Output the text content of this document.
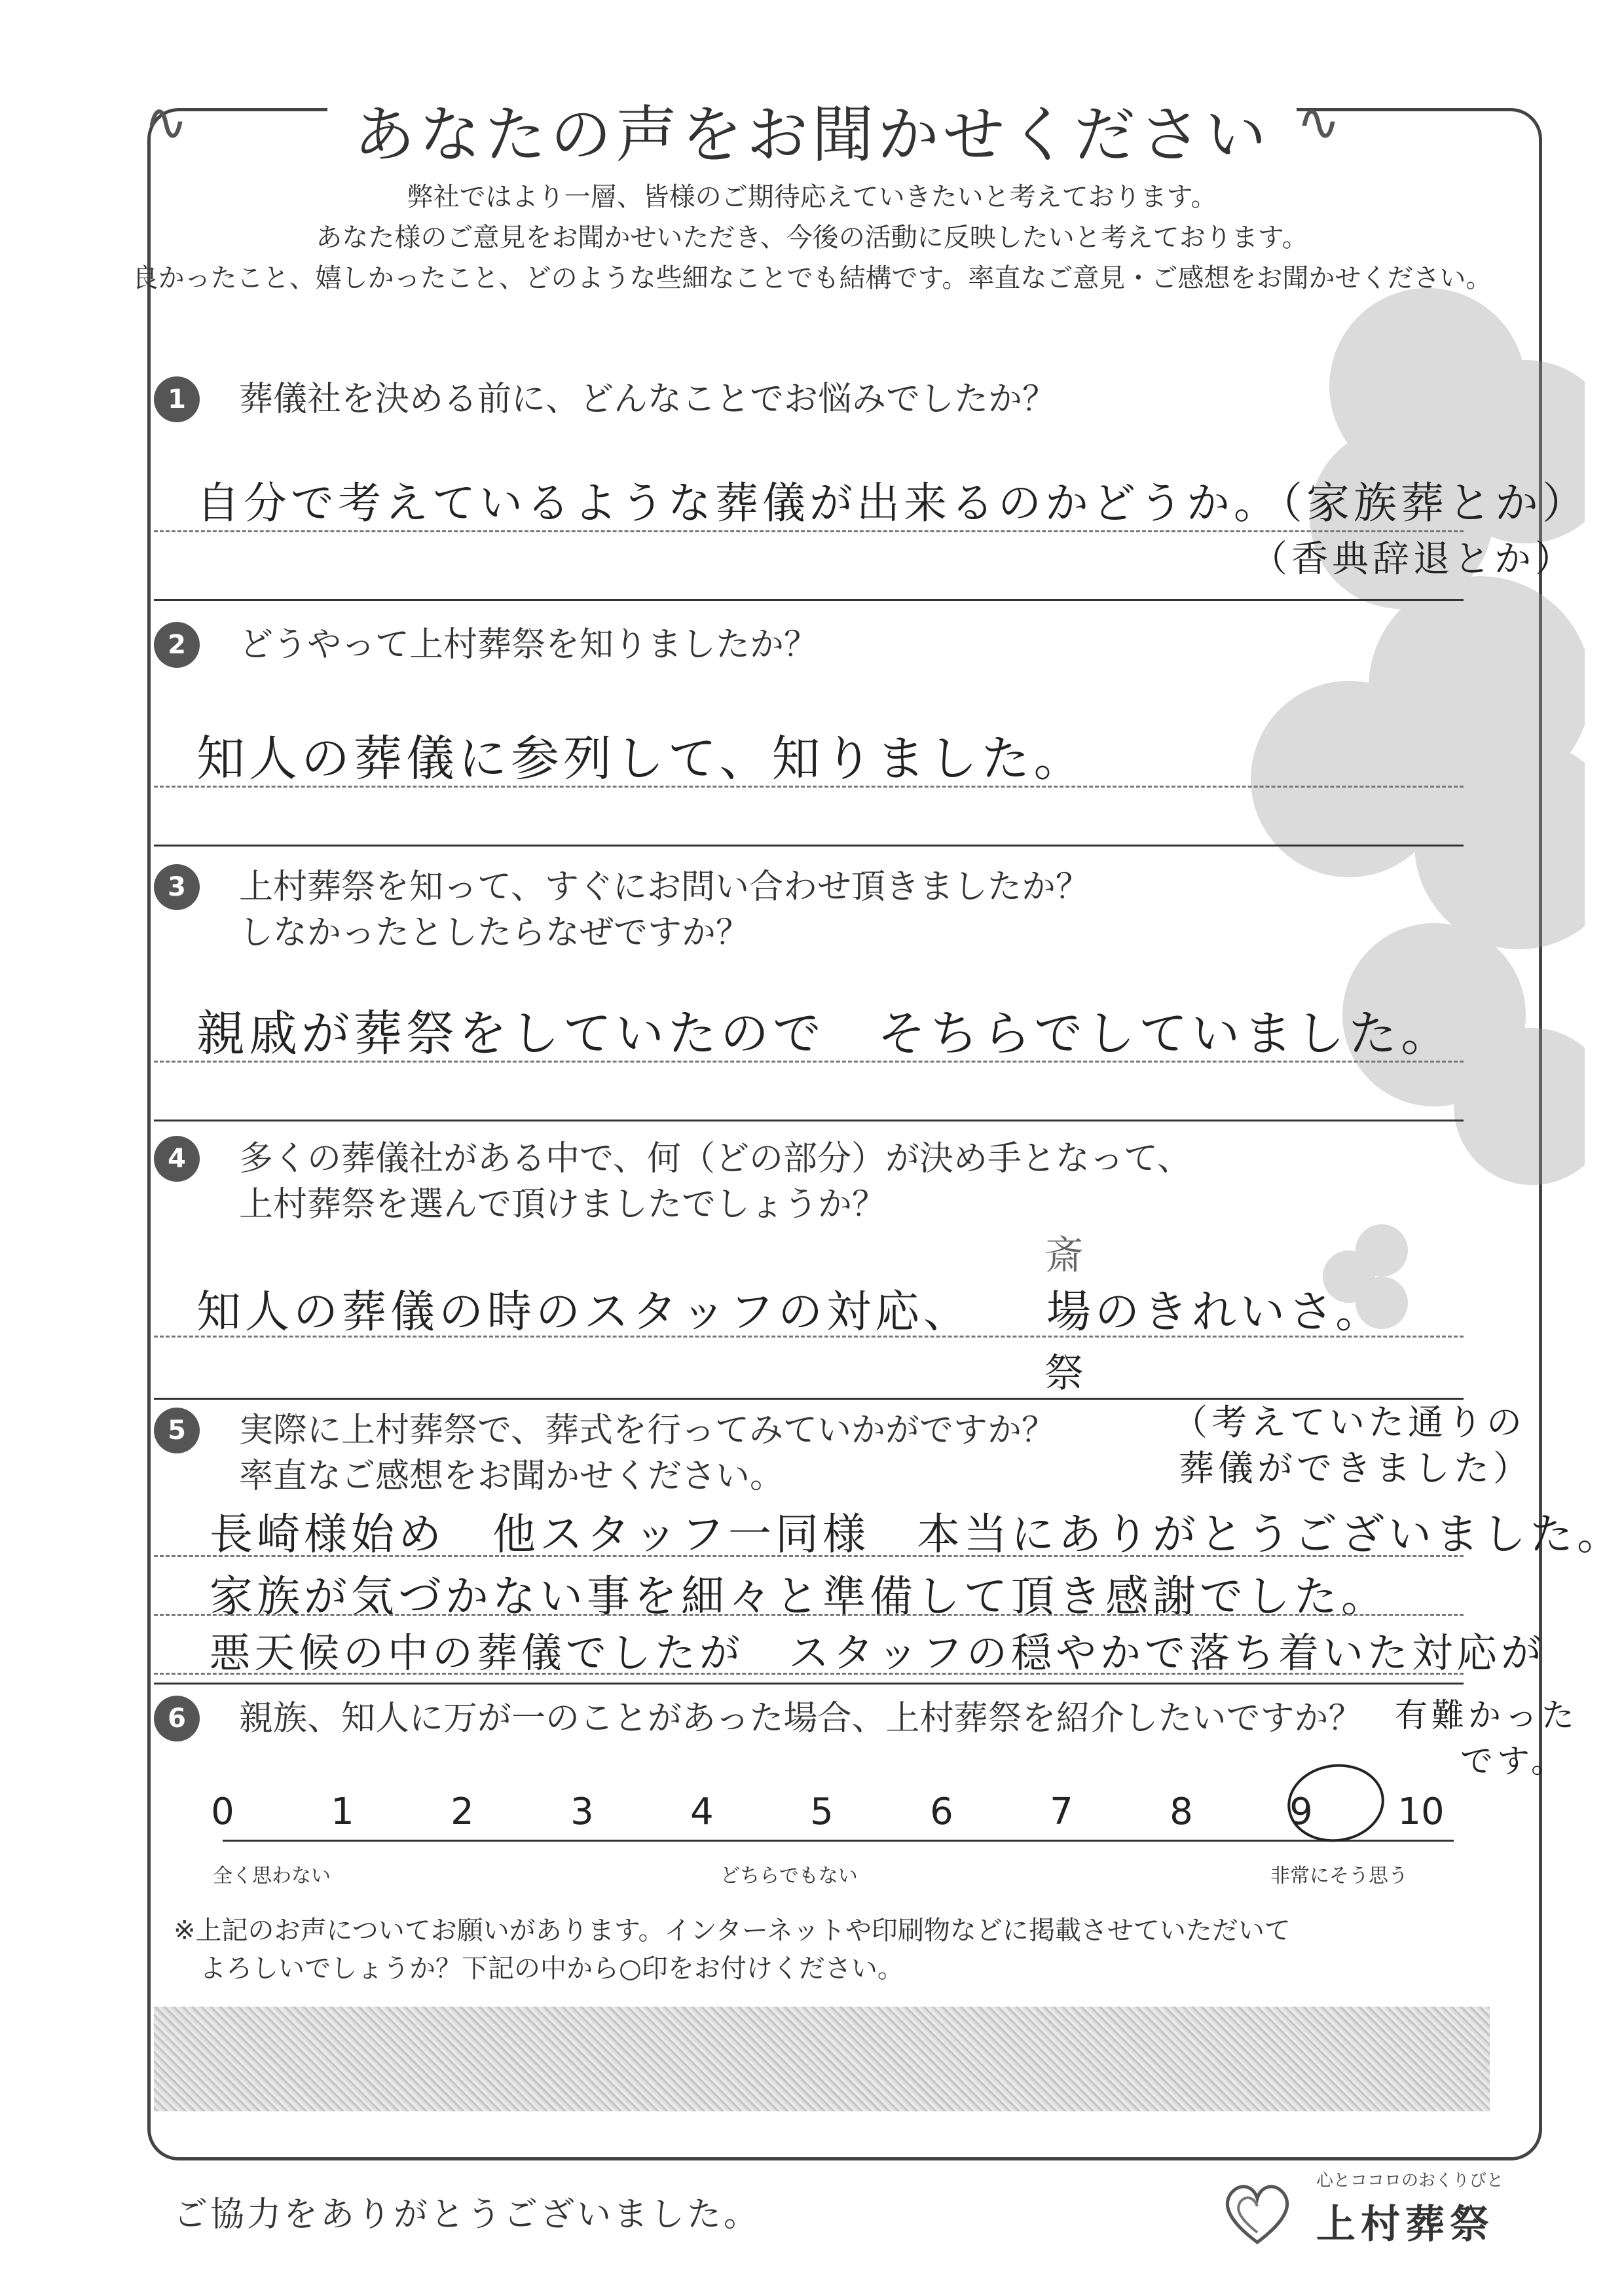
∿	∿
あなたの声をお聞かせください
弊社ではより一層、皆様のご期待応えていきたいと考えております。
あなた様のご意見をお聞かせいただき、今後の活動に反映したいと考えております。
良かったこと、嬉しかったこと、どのような些細なことでも結構です。率直なご意見・ご感想をお聞かせください。
1	葬儀社を決める前に、どんなことでお悩みでしたか？
自分で考えているような葬儀が出来るのかどうか。（家族葬とか）
（香典辞退とか）
2	どうやって上村葬祭を知りましたか？
知人の葬儀に参列して、知りました。
3	上村葬祭を知って、すぐにお問い合わせ頂きましたか？
しなかったとしたらなぜですか？
親戚が葬祭をしていたので　そちらでしていました。
4	多くの葬儀社がある中で、何（どの部分）が決め手となって、
上村葬祭を選んで頂けましたでしょうか？
知人の葬儀の時のスタッフの対応、　　場のきれいさ。
斎
祭
5	実際に上村葬祭で、葬式を行ってみていかがですか？
率直なご感想をお聞かせください。
（考えていた通りの
葬儀ができました）
長崎様始め　他スタッフ一同様　本当にありがとうございました。
家族が気づかない事を細々と準備して頂き感謝でした。
悪天候の中の葬儀でしたが　スタッフの穏やかで落ち着いた対応が
6	親族、知人に万が一のことがあった場合、上村葬祭を紹介したいですか？ 有難かった
です。
0	1	2	3	4	5	6	7	8	9	10
全く思わない	どちらでもない	非常にそう思う
※上記のお声についてお願いがあります。インターネットや印刷物などに掲載させていただいて
　よろしいでしょうか？下記の中から○印をお付けください。
ご協力をありがとうございました。
心とココロのおくりびと
上村葬祭
